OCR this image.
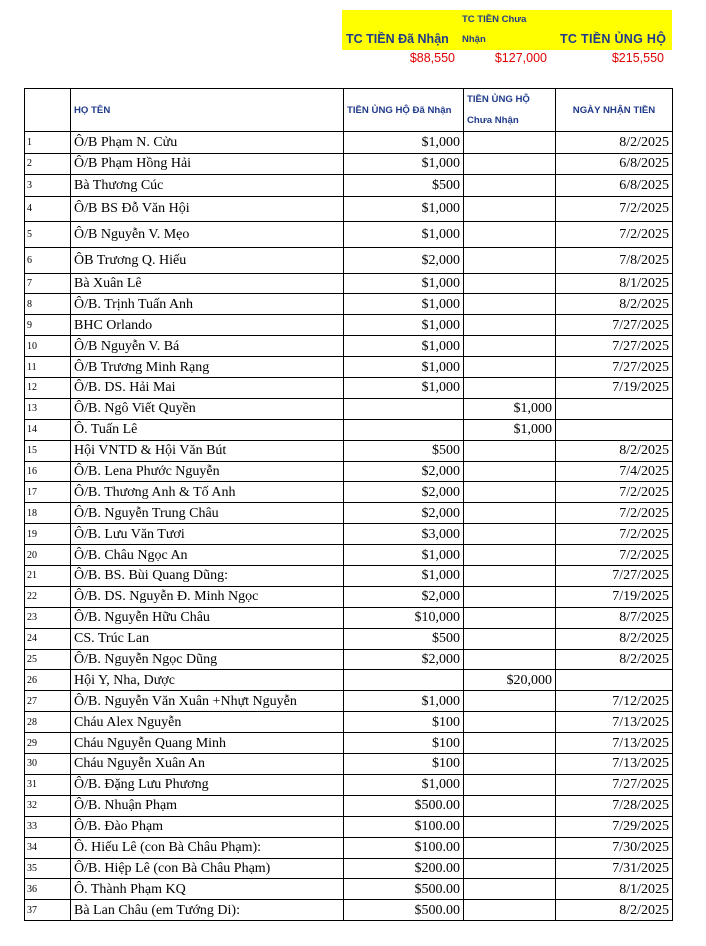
TC TIỀN Đã Nhận
TC TIỀN Chưa Nhận	TC TIỀN ỦNG HỘ
$88,550	$127,000	$215,550
	HỌ TÊN	TIỀN ỦNG HỘ Đã Nhận	TIỀN ỦNG HỘ Chưa Nhận	NGÀY NHẬN TIỀN
1	Ô/B Phạm N. Cửu	$1,000		8/2/2025
2	Ô/B Phạm Hồng Hải	$1,000		6/8/2025
3	Bà Thương Cúc	$500		6/8/2025
4	Ô/B BS Đỗ Văn Hội	$1,000		7/2/2025
5	Ô/B Nguyễn V. Mẹo	$1,000		7/2/2025
6	ÔB Trương Q. Hiếu	$2,000		7/8/2025
7	Bà Xuân Lê	$1,000		8/1/2025
8	Ô/B. Trịnh Tuấn Anh	$1,000		8/2/2025
9	BHC Orlando	$1,000		7/27/2025
10	Ô/B Nguyễn V. Bá	$1,000		7/27/2025
11	Ô/B Trương Minh Rạng	$1,000		7/27/2025
12	Ô/B. DS. Hải Mai	$1,000		7/19/2025
13	Ô/B. Ngô Viết Quyền		$1,000	
14	Ô. Tuấn Lê		$1,000	
15	Hội VNTD & Hội Văn Bút	$500		8/2/2025
16	Ô/B. Lena Phước Nguyễn	$2,000		7/4/2025
17	Ô/B. Thương Anh & Tố Anh	$2,000		7/2/2025
18	Ô/B. Nguyễn Trung Châu	$2,000		7/2/2025
19	Ô/B. Lưu Văn Tươi	$3,000		7/2/2025
20	Ô/B. Châu Ngọc An	$1,000		7/2/2025
21	Ô/B. BS. Bùi Quang Dũng:	$1,000		7/27/2025
22	Ô/B. DS. Nguyễn Đ. Minh Ngọc	$2,000		7/19/2025
23	Ô/B. Nguyễn Hữu Châu	$10,000		8/7/2025
24	CS. Trúc Lan	$500		8/2/2025
25	Ô/B. Nguyễn Ngọc Dũng	$2,000		8/2/2025
26	Hội Y, Nha, Dược		$20,000	
27	Ô/B. Nguyễn Văn Xuân +Nhựt Nguyễn	$1,000		7/12/2025
28	Cháu Alex Nguyễn	$100		7/13/2025
29	Cháu Nguyễn Quang Minh	$100		7/13/2025
30	Cháu Nguyễn Xuân An	$100		7/13/2025
31	Ô/B. Đặng Lưu Phương	$1,000		7/27/2025
32	Ô/B. Nhuận Phạm	$500.00		7/28/2025
33	Ô/B. Đào Phạm	$100.00		7/29/2025
34	Ô. Hiếu Lê (con Bà Châu Phạm):	$100.00		7/30/2025
35	Ô/B. Hiệp Lê (con Bà Châu Phạm)	$200.00		7/31/2025
36	Ô. Thành Phạm KQ	$500.00		8/1/2025
37	Bà Lan Châu (em Tướng Di):	$500.00		8/2/2025
